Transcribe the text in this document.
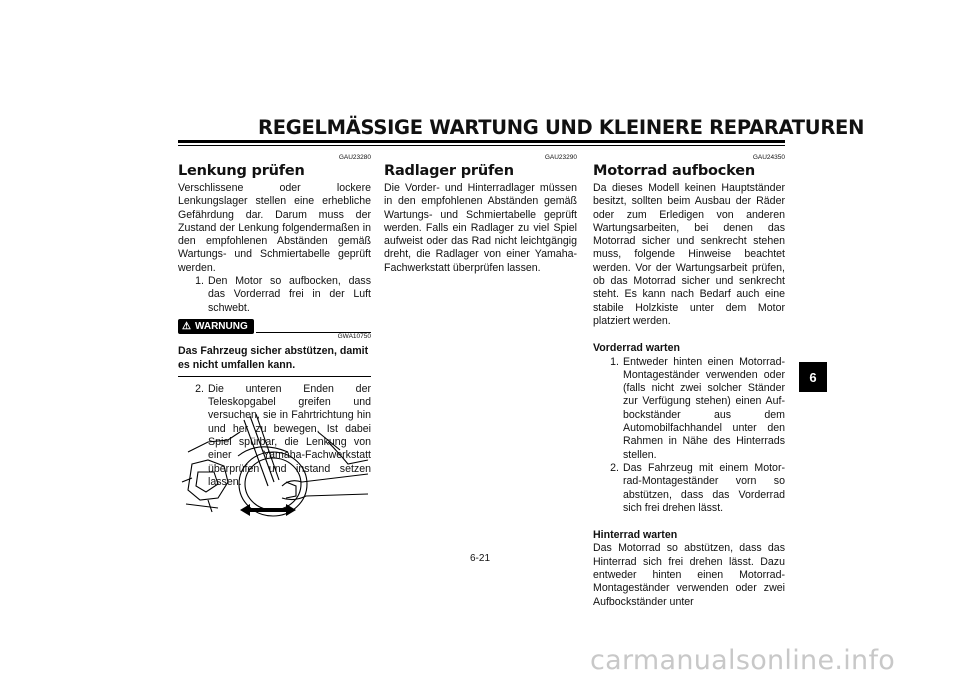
REGELMÄSSIGE WARTUNG UND KLEINERE REPARATUREN
GAU23280
Lenkung prüfen

Verschlissene oder lockere Lenkungslager stellen eine erhebliche Gefährdung dar. Darum muss der Zustand der Lenkung folgendermaßen in den empfohlenen Abständen gemäß Wartungs- und Schmiertabelle geprüft werden.

1. Den Motor so aufbocken, dass das Vorderrad frei in der Luft schwebt.
⚠ WARNUNG
GWA10750
Das Fahrzeug sicher abstützen, damit es nicht umfallen kann.
2. Die unteren Enden der Teleskopgabel greifen und versuchen, sie in Fahrtrichtung hin und her zu bewegen. Ist dabei Spiel spürbar, die Lenkung von einer Yamaha-Fachwerkstatt überprüfen und instand setzen lassen.
GAU23290
Radlager prüfen

Die Vorder- und Hinterradlager müssen in den empfohlenen Abständen gemäß Wartungs- und Schmiertabelle geprüft werden. Falls ein Radlager zu viel Spiel aufweist oder das Rad nicht leichtgängig dreht, die Radlager von einer Yamaha-Fachwerkstatt überprüfen lassen.

GAU24350
Motorrad aufbocken

Da dieses Modell keinen Hauptständer besitzt, sollten beim Ausbau der Räder oder zum Erledigen von anderen Wartungsarbeiten, bei denen das Motorrad sicher und senkrecht stehen muss, folgende Hinweise beachtet werden. Vor der Wartungsarbeit prüfen, ob das Motorrad sicher und senkrecht steht. Es kann nach Bedarf auch eine stabile Holzkiste unter dem Motor platziert werden.

Vorderrad warten
1. Entweder hinten einen Motorrad-Montageständer verwenden oder (falls nicht zwei solcher Ständer zur Verfügung stehen) einen Aufbockständer aus dem Automobilfachhandel unter den Rahmen in Nähe des Hinterrads stellen.
2. Das Fahrzeug mit einem Motorrad-Montageständer vorn so abstützen, dass das Vorderrad sich frei drehen lässt.
Hinterrad warten

Das Motorrad so abstützen, dass das Hinterrad sich frei drehen lässt. Dazu entweder hinten einen Motorrad-Montageständer verwenden oder zwei Aufbockständer unter

6
6-21
carmanualsonline.info
